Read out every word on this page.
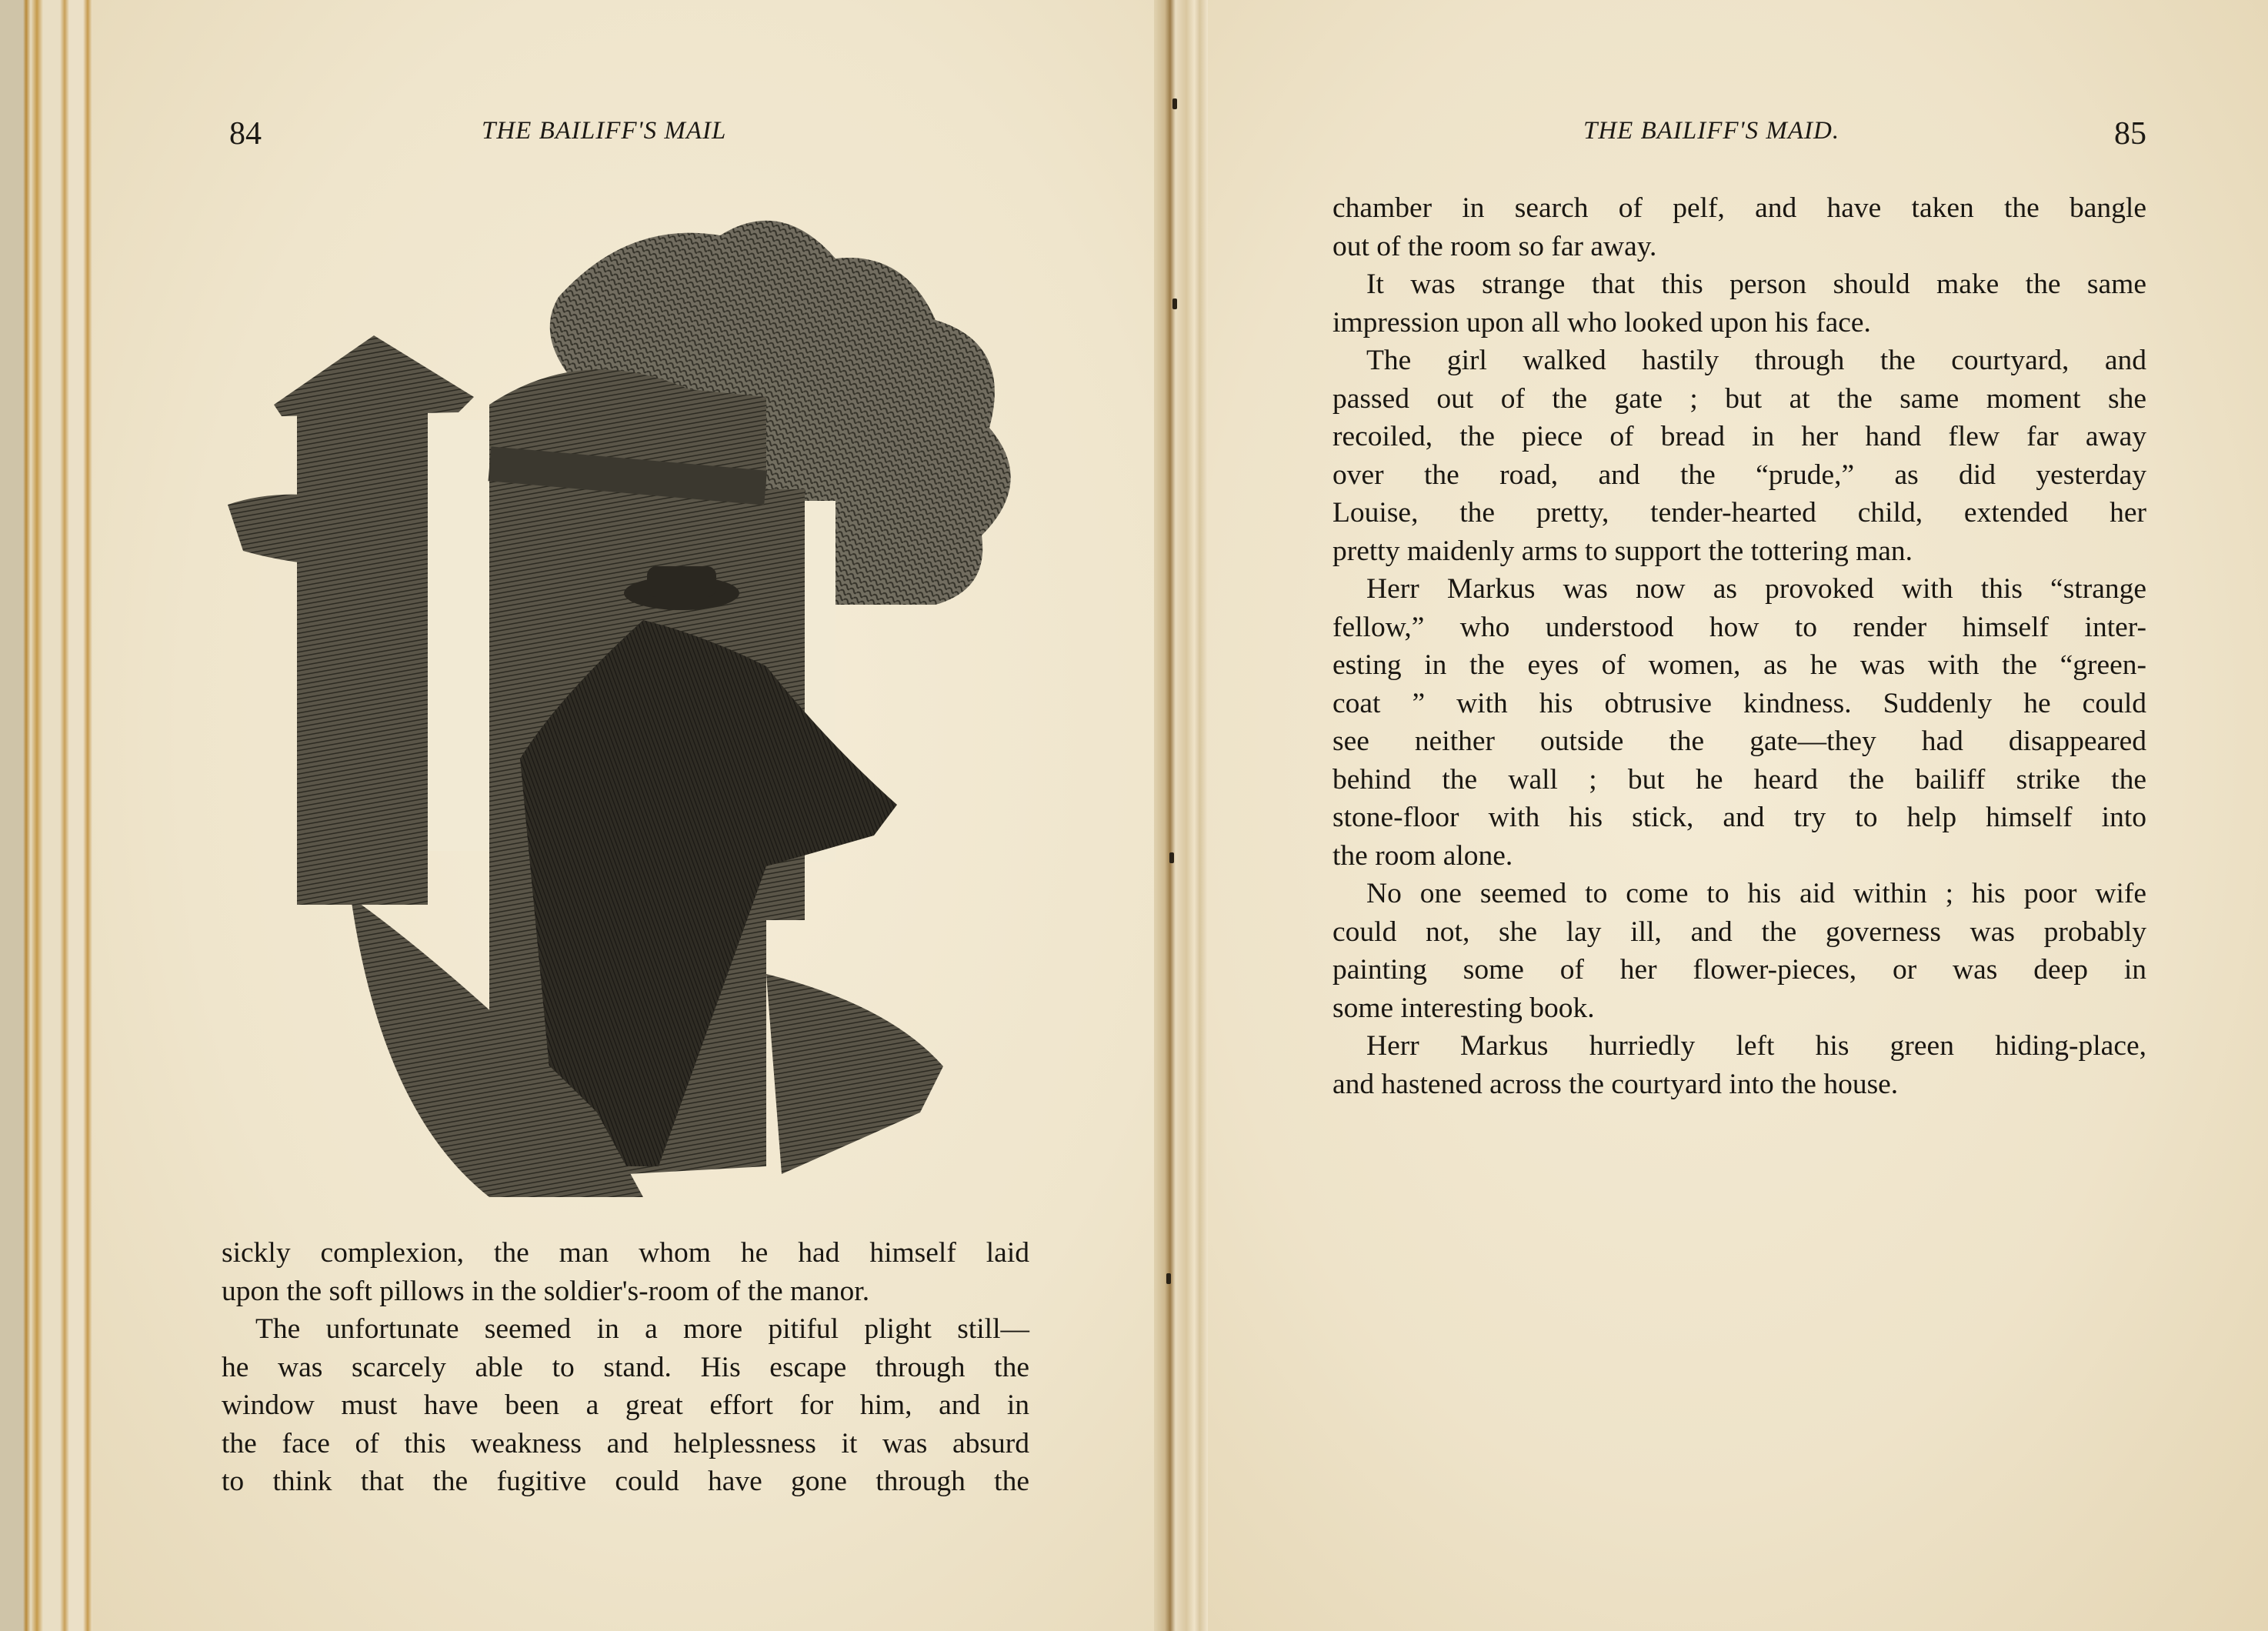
84	THE BAILIFF'S MAIL	THE BAILIFF'S MAID.	85

sickly complexion, the man whom he had himself laid
upon the soft pillows in the soldier's-room of the manor.

The unfortunate seemed in a more pitiful plight still—
he was scarcely able to stand. His escape through the
window must have been a great effort for him, and in
the face of this weakness and helplessness it was absurd
to think that the fugitive could have gone through the

chamber in search of pelf, and have taken the bangle
out of the room so far away.

It was strange that this person should make the same
impression upon all who looked upon his face.

The girl walked hastily through the courtyard, and
passed out of the gate ; but at the same moment she
recoiled, the piece of bread in her hand flew far away
over the road, and the “prude,” as did yesterday
Louise, the pretty, tender-hearted child, extended her
pretty maidenly arms to support the tottering man.

Herr Markus was now as provoked with this “strange
fellow,” who understood how to render himself inter-
esting in the eyes of women, as he was with the “green-
coat ” with his obtrusive kindness. Suddenly he could
see neither outside the gate—they had disappeared
behind the wall ; but he heard the bailiff strike the
stone-floor with his stick, and try to help himself into
the room alone.

No one seemed to come to his aid within ; his poor wife
could not, she lay ill, and the governess was probably
painting some of her flower-pieces, or was deep in
some interesting book.

Herr Markus hurriedly left his green hiding-place,
and hastened across the courtyard into the house.
